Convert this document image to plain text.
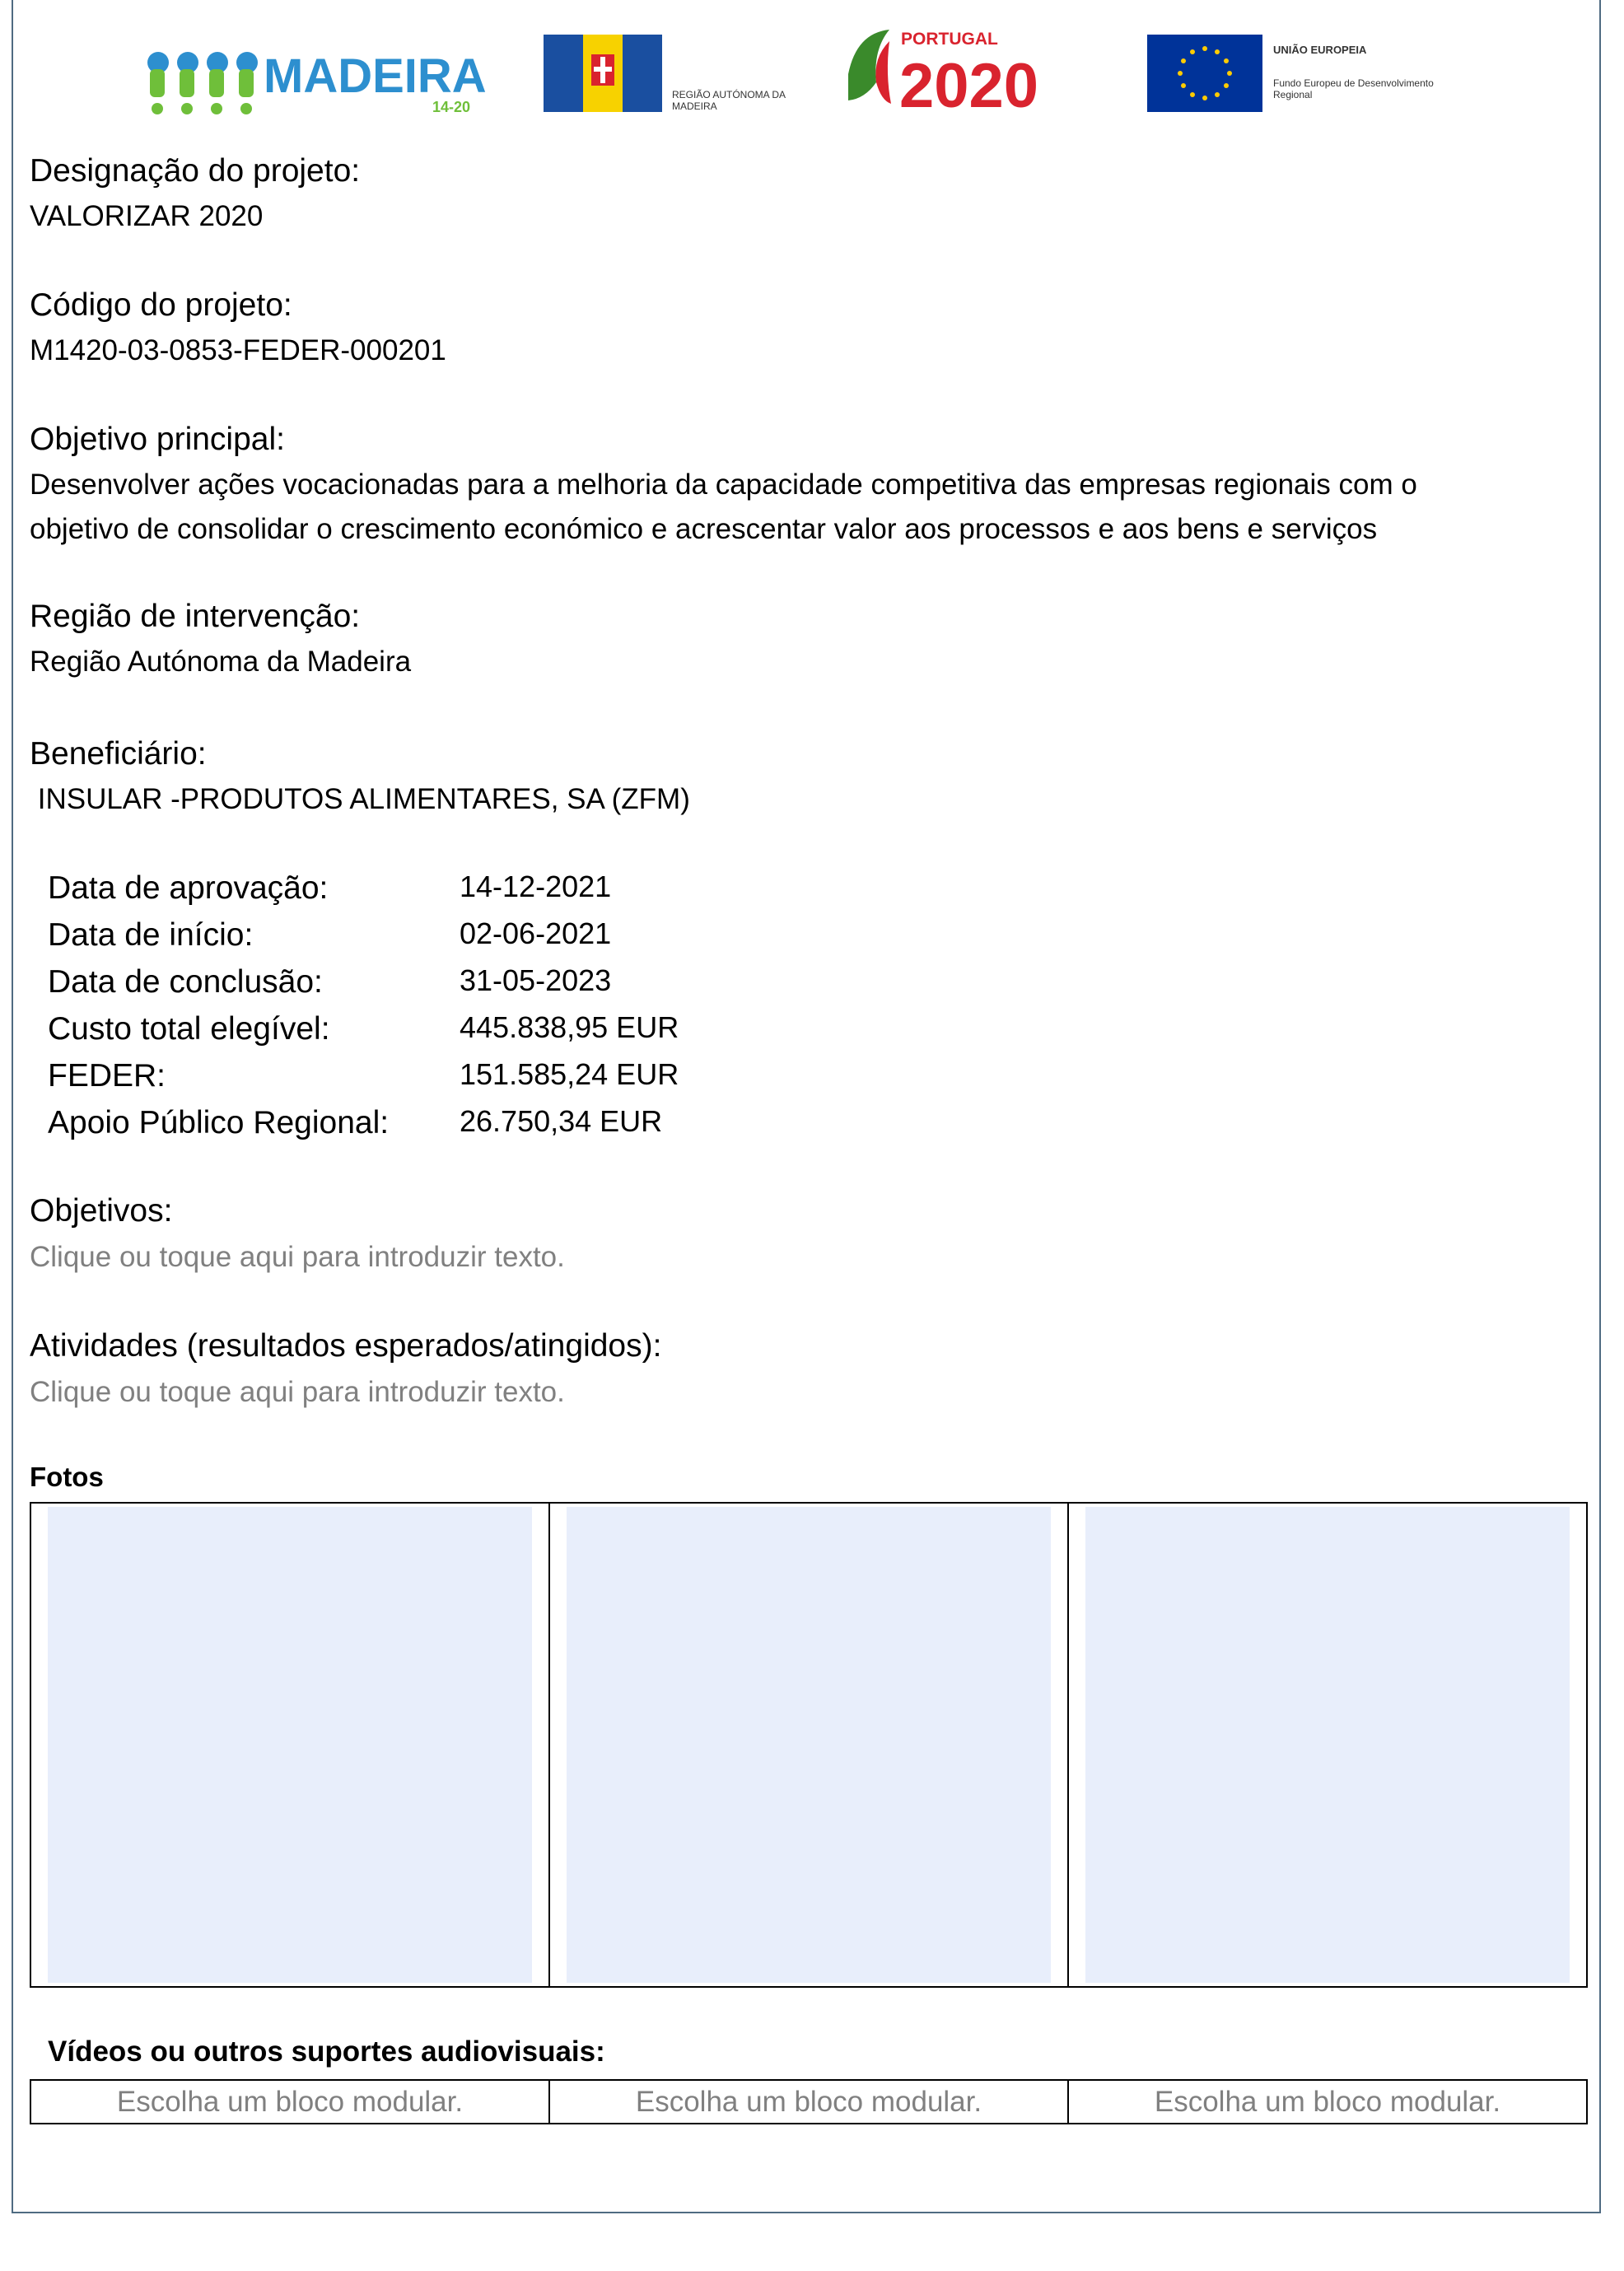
MADEIRA
14-20
REGIÃO AUTÓNOMA DA MADEIRA
PORTUGAL
2020
UNIÃO EUROPEIA
Fundo Europeu de Desenvolvimento Regional
Designação do projeto:
VALORIZAR 2020
Código do projeto:
M1420-03-0853-FEDER-000201
Objetivo principal:
Desenvolver ações vocacionadas para a melhoria da capacidade competitiva das empresas regionais com o
objetivo de consolidar o crescimento económico e acrescentar valor aos processos e aos bens e serviços
Região de intervenção:
Região Autónoma da Madeira
Beneficiário:
INSULAR -PRODUTOS ALIMENTARES, SA (ZFM)
Data de aprovação:	14-12-2021
Data de início:	02-06-2021
Data de conclusão:	31-05-2023
Custo total elegível:	445.838,95 EUR
FEDER:	151.585,24 EUR
Apoio Público Regional: 26.750,34 EUR
Objetivos:
Clique ou toque aqui para introduzir texto.
Atividades (resultados esperados/atingidos):
Clique ou toque aqui para introduzir texto.
Fotos
Vídeos ou outros suportes audiovisuais:
Escolha um bloco modular.	Escolha um bloco modular.	Escolha um bloco modular.
